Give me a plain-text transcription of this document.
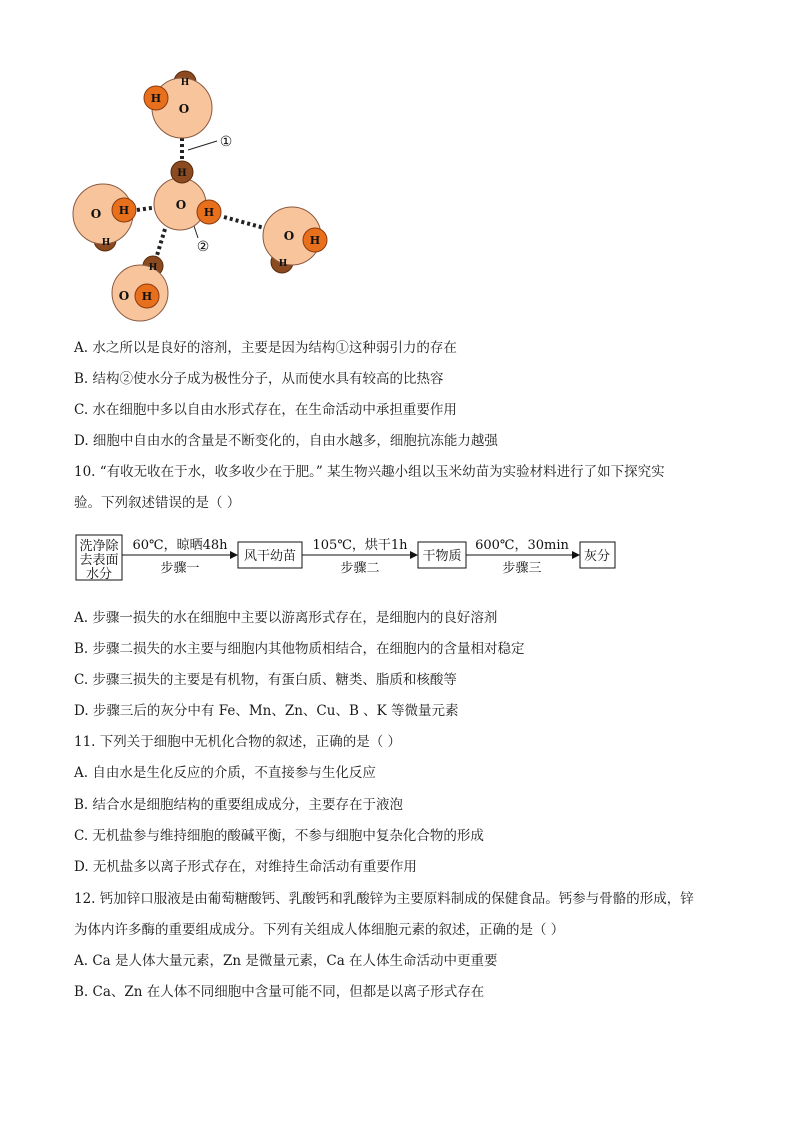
H
H
O
H
O
H
O H
H	O H
H
H
O H
①
②
A. 水之所以是良好的溶剂，主要是因为结构①这种弱引力的存在
B. 结构②使水分子成为极性分子，从而使水具有较高的比热容
C. 水在细胞中多以自由水形式存在，在生命活动中承担重要作用
D. 细胞中自由水的含量是不断变化的，自由水越多，细胞抗冻能力越强
10. “有收无收在于水，收多收少在于肥。” 某生物兴趣小组以玉米幼苗为实验材料进行了如下探究实
验。下列叙述错误的是（ ）
洗净除
去表面
水分
60℃，晾晒48h
步骤一
风干幼苗
105℃，烘干1h
步骤二
干物质
600℃，30min
步骤三
灰分
A. 步骤一损失的水在细胞中主要以游离形式存在，是细胞内的良好溶剂
B. 步骤二损失的水主要与细胞内其他物质相结合，在细胞内的含量相对稳定
C. 步骤三损失的主要是有机物，有蛋白质、糖类、脂质和核酸等
D. 步骤三后的灰分中有 Fe、Mn、Zn、Cu、B 、K 等微量元素
11. 下列关于细胞中无机化合物的叙述，正确的是（ ）
A. 自由水是生化反应的介质，不直接参与生化反应
B. 结合水是细胞结构的重要组成成分，主要存在于液泡
C. 无机盐参与维持细胞的酸碱平衡，不参与细胞中复杂化合物的形成
D. 无机盐多以离子形式存在，对维持生命活动有重要作用
12. 钙加锌口服液是由葡萄糖酸钙、乳酸钙和乳酸锌为主要原料制成的保健食品。钙参与骨骼的形成，锌
为体内许多酶的重要组成成分。下列有关组成人体细胞元素的叙述，正确的是（ ）
A. Ca 是人体大量元素，Zn 是微量元素，Ca 在人体生命活动中更重要
B. Ca、Zn 在人体不同细胞中含量可能不同，但都是以离子形式存在
